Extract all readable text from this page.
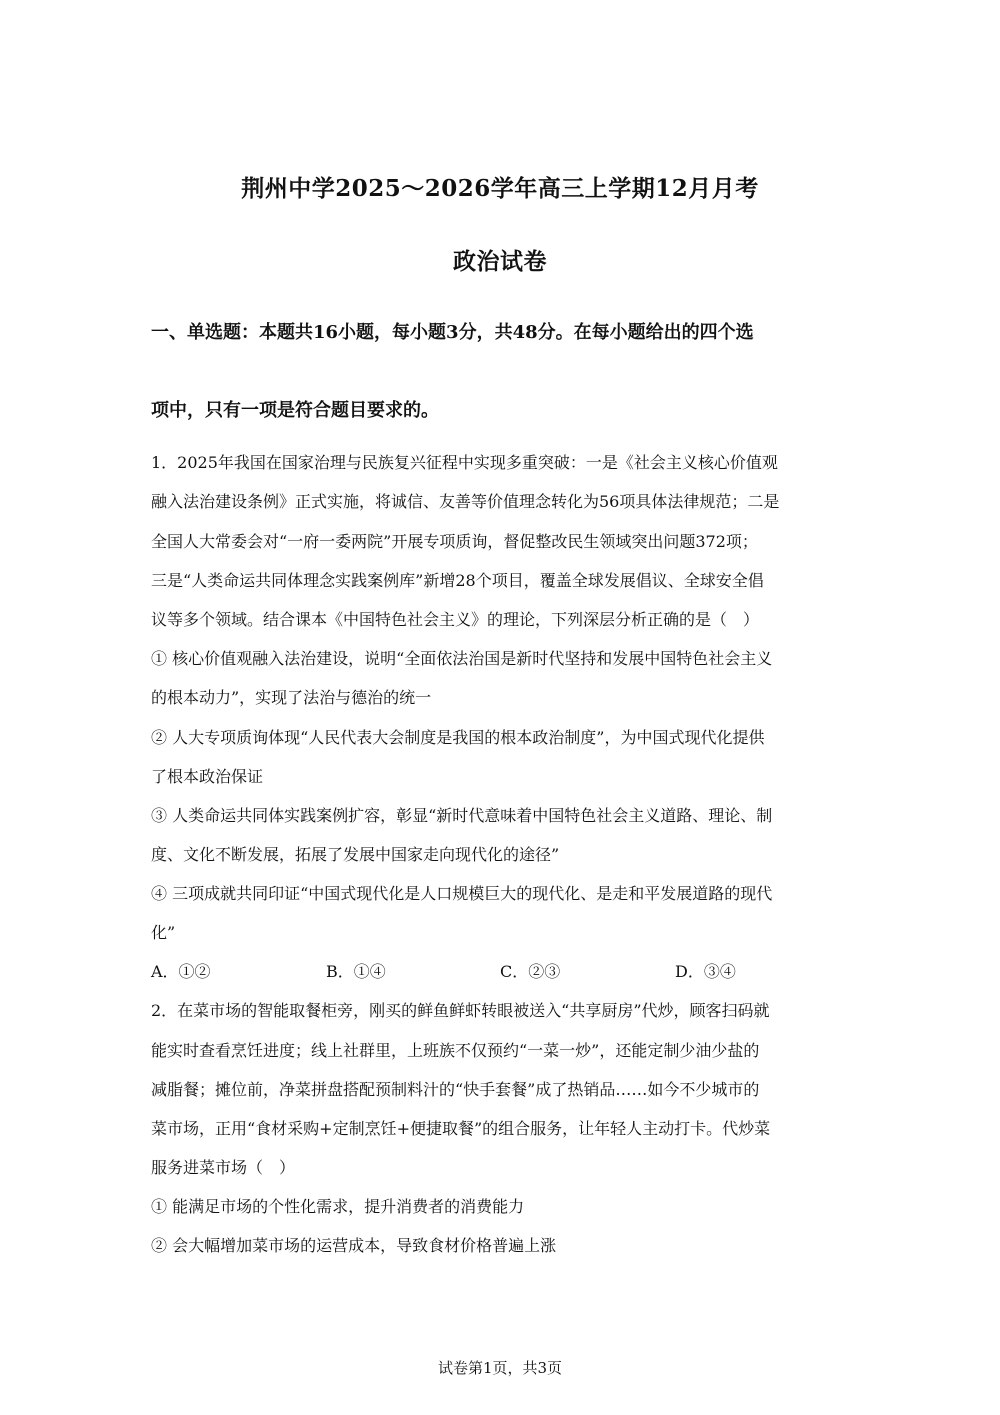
荆州中学2025～2026学年高三上学期12月月考
政治试卷
一、单选题：本题共16小题，每小题3分，共48分。在每小题给出的四个选
项中，只有一项是符合题目要求的。
1．2025年我国在国家治理与民族复兴征程中实现多重突破：一是《社会主义核心价值观
融入法治建设条例》正式实施，将诚信、友善等价值理念转化为56项具体法律规范；二是
全国人大常委会对“一府一委两院”开展专项质询，督促整改民生领域突出问题372项；
三是“人类命运共同体理念实践案例库”新增28个项目，覆盖全球发展倡议、全球安全倡
议等多个领域。结合课本《中国特色社会主义》的理论，下列深层分析正确的是（　）
① 核心价值观融入法治建设，说明“全面依法治国是新时代坚持和发展中国特色社会主义
的根本动力”，实现了法治与德治的统一
② 人大专项质询体现“人民代表大会制度是我国的根本政治制度”，为中国式现代化提供
了根本政治保证
③ 人类命运共同体实践案例扩容，彰显“新时代意味着中国特色社会主义道路、理论、制
度、文化不断发展，拓展了发展中国家走向现代化的途径”
④ 三项成就共同印证“中国式现代化是人口规模巨大的现代化、是走和平发展道路的现代
化”
A．①②	B．①④	C．②③	D．③④
2．在菜市场的智能取餐柜旁，刚买的鲜鱼鲜虾转眼被送入“共享厨房”代炒，顾客扫码就
能实时查看烹饪进度；线上社群里，上班族不仅预约“一菜一炒”，还能定制少油少盐的
减脂餐；摊位前，净菜拼盘搭配预制料汁的“快手套餐”成了热销品……如今不少城市的
菜市场，正用“食材采购+定制烹饪+便捷取餐”的组合服务，让年轻人主动打卡。代炒菜
服务进菜市场（　）
① 能满足市场的个性化需求，提升消费者的消费能力
② 会大幅增加菜市场的运营成本，导致食材价格普遍上涨
试卷第1页，共3页
